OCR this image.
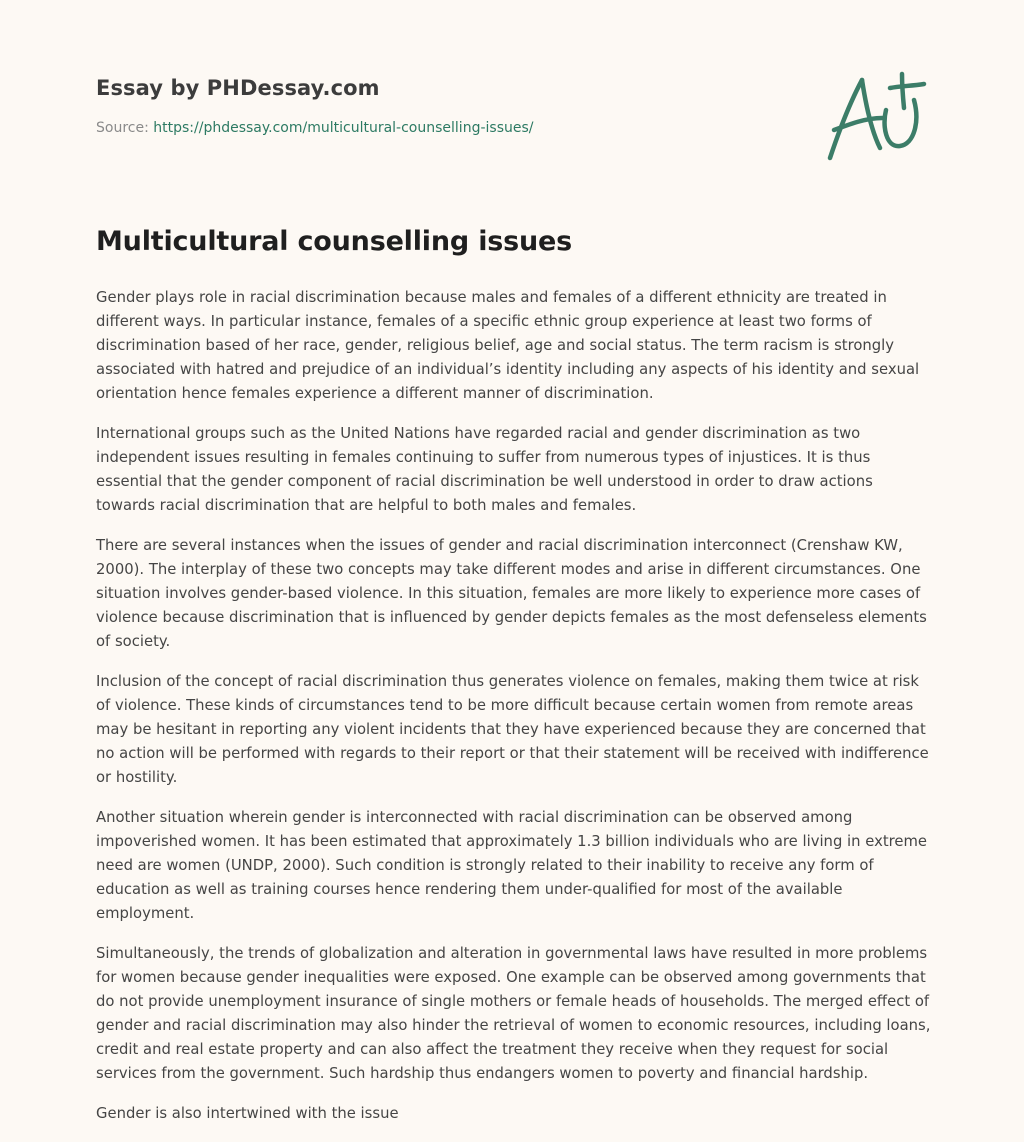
Essay by PHDessay.com
Source: https://phdessay.com/multicultural-counselling-issues/
Multicultural counselling issues

Gender plays role in racial discrimination because males and females of a different ethnicity are treated in different ways. In particular instance, females of a specific ethnic group experience at least two forms of discrimination based of her race, gender, religious belief, age and social status. The term racism is strongly associated with hatred and prejudice of an individual’s identity including any aspects of his identity and sexual orientation hence females experience a different manner of discrimination.

International groups such as the United Nations have regarded racial and gender discrimination as two independent issues resulting in females continuing to suffer from numerous types of injustices. It is thus essential that the gender component of racial discrimination be well understood in order to draw actions towards racial discrimination that are helpful to both males and females.

There are several instances when the issues of gender and racial discrimination interconnect (Crenshaw KW, 2000). The interplay of these two concepts may take different modes and arise in different circumstances. One situation involves gender-based violence. In this situation, females are more likely to experience more cases of violence because discrimination that is influenced by gender depicts females as the most defenseless elements of society.

Inclusion of the concept of racial discrimination thus generates violence on females, making them twice at risk of violence. These kinds of circumstances tend to be more difficult because certain women from remote areas may be hesitant in reporting any violent incidents that they have experienced because they are concerned that no action will be performed with regards to their report or that their statement will be received with indifference or hostility.

Another situation wherein gender is interconnected with racial discrimination can be observed among impoverished women. It has been estimated that approximately 1.3 billion individuals who are living in extreme need are women (UNDP, 2000). Such condition is strongly related to their inability to receive any form of education as well as training courses hence rendering them under-qualified for most of the available employment.

Simultaneously, the trends of globalization and alteration in governmental laws have resulted in more problems for women because gender inequalities were exposed. One example can be observed among governments that do not provide unemployment insurance of single mothers or female heads of households. The merged effect of gender and racial discrimination may also hinder the retrieval of women to economic resources, including loans, credit and real estate property and can also affect the treatment they receive when they request for social services from the government. Such hardship thus endangers women to poverty and financial hardship.

Gender is also intertwined with the issue
